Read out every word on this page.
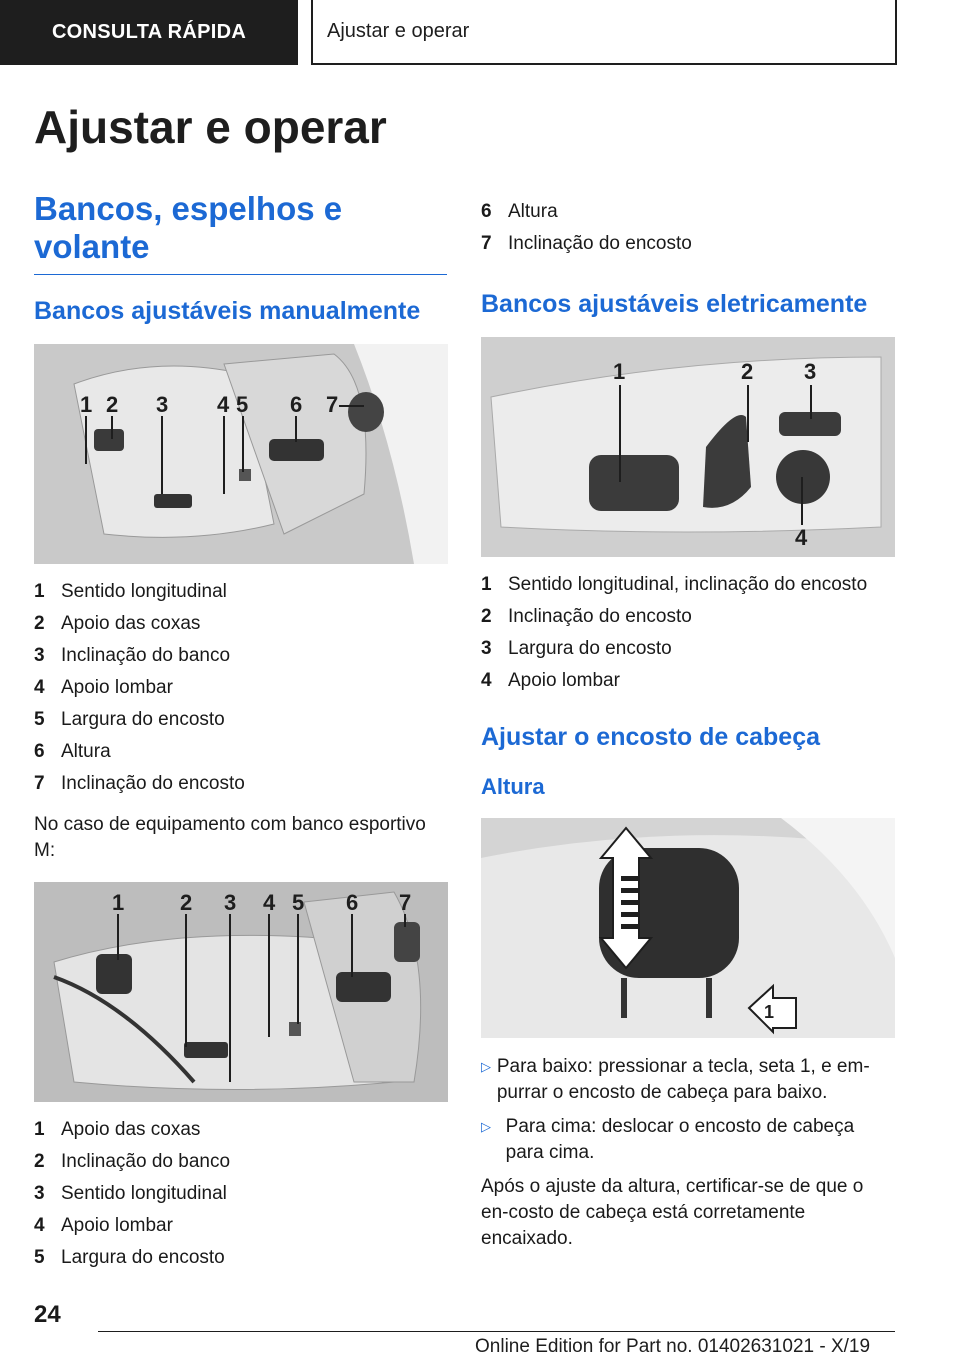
CONSULTA RÁPIDA	Ajustar e operar
Ajustar e operar
Bancos, espelhos e volante
Bancos ajustáveis manualmente
1 2 3 4 5 6 7
1 Sentido longitudinal
2 Apoio das coxas
3 Inclinação do banco
4 Apoio lombar
5 Largura do encosto
6 Altura
7 Inclinação do encosto

No caso de equipamento com banco esportivo M:

1	2 3 4 5 6 7
1 Apoio das coxas
2 Inclinação do banco
3 Sentido longitudinal
4 Apoio lombar
5 Largura do encosto
6 Altura
7 Inclinação do encosto
Bancos ajustáveis eletricamente
1	2 3
4
1 Sentido longitudinal, inclinação do encosto
2 Inclinação do encosto
3 Largura do encosto
4 Apoio lombar
Ajustar o encosto de cabeça
Altura
1
▷ Para baixo: pressionar a tecla, seta 1, e em-purrar o encosto de cabeça para baixo.
▷ Para cima: deslocar o encosto de cabeça para cima.

Após o ajuste da altura, certificar-se de que o en-costo de cabeça está corretamente encaixado.

24
Online Edition for Part no. 01402631021 - X/19
